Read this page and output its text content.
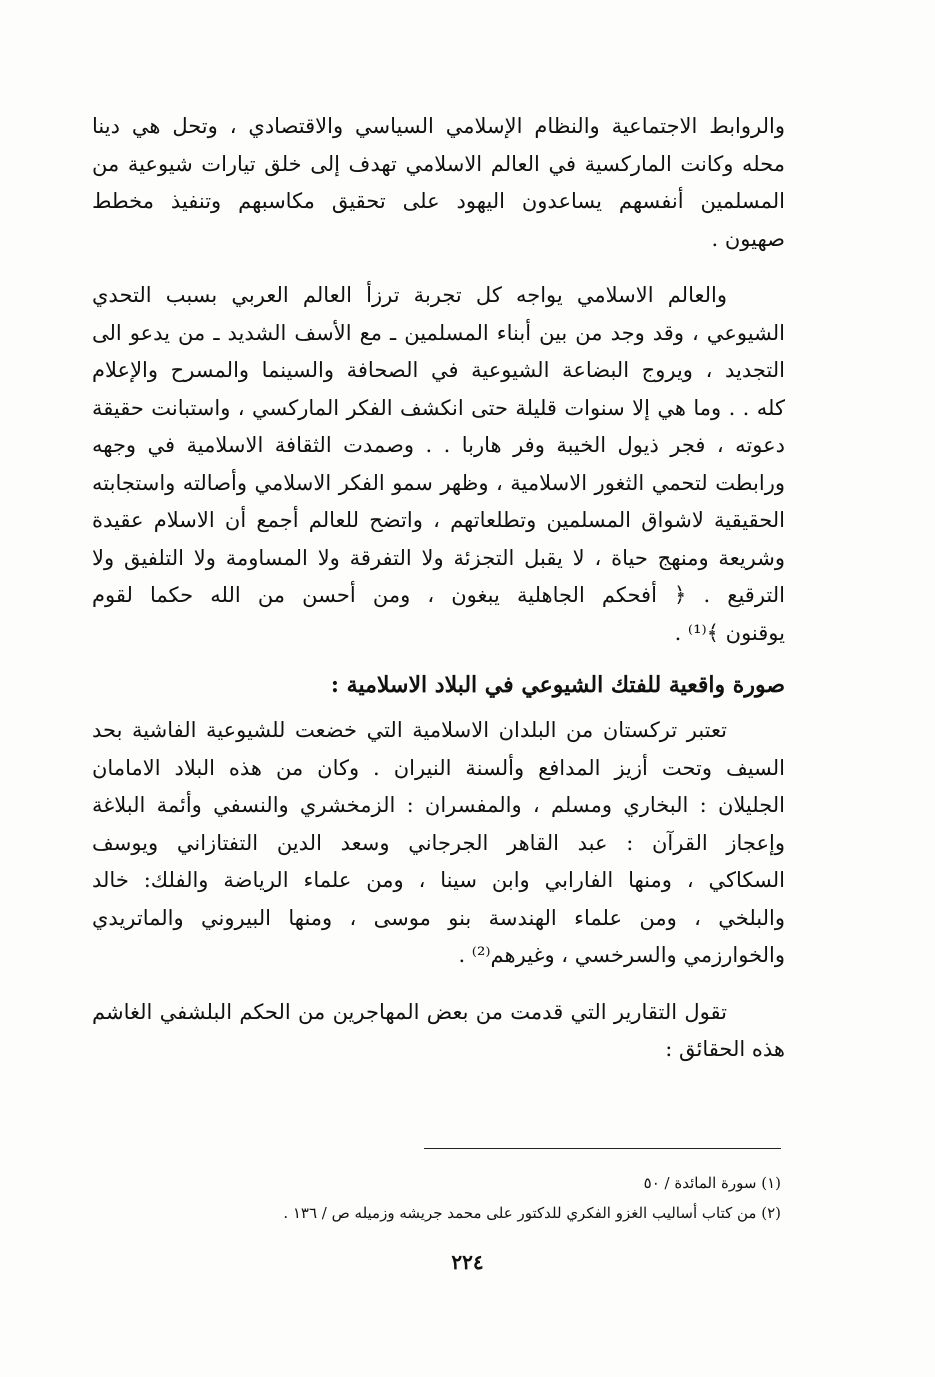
والروابط الاجتماعية والنظام الإسلامي السياسي والاقتصادي ، وتحل هي دينا
محله وكانت الماركسية في العالم الاسلامي تهدف إلى خلق تيارات شيوعية من
المسلمين أنفسهم يساعدون اليهود على تحقيق مكاسبهم وتنفيذ مخطط
صهيون .
والعالم الاسلامي يواجه كل تجربة ترزأ العالم العربي بسبب التحدي
الشيوعي ، وقد وجد من بين أبناء المسلمين ـ مع الأسف الشديد ـ من يدعو الى
التجديد ، ويروج البضاعة الشيوعية في الصحافة والسينما والمسرح والإعلام
كله . . وما هي إلا سنوات قليلة حتى انكشف الفكر الماركسي ، واستبانت حقيقة
دعوته ، فجر ذيول الخيبة وفر هاربا . . وصمدت الثقافة الاسلامية في وجهه
ورابطت لتحمي الثغور الاسلامية ، وظهر سمو الفكر الاسلامي وأصالته واستجابته
الحقيقية لاشواق المسلمين وتطلعاتهم ، واتضح للعالم أجمع أن الاسلام عقيدة
وشريعة ومنهج حياة ، لا يقبل التجزئة ولا التفرقة ولا المساومة ولا التلفيق ولا
الترقيع . ﴿ أفحكم الجاهلية يبغون ، ومن أحسن من الله حكما لقوم
يوقنون ﴾⁽¹⁾ .
صورة واقعية للفتك الشيوعي في البلاد الاسلامية :
تعتبر تركستان من البلدان الاسلامية التي خضعت للشيوعية الفاشية بحد
السيف وتحت أزيز المدافع وألسنة النيران . وكان من هذه البلاد الامامان
الجليلان : البخاري ومسلم ، والمفسران : الزمخشري والنسفي وأئمة البلاغة
وإعجاز القرآن : عبد القاهر الجرجاني وسعد الدين التفتازاني ويوسف
السكاكي ، ومنها الفارابي وابن سينا ، ومن علماء الرياضة والفلك: خالد
والبلخي ، ومن علماء الهندسة بنو موسى ، ومنها البيروني والماتريدي
والخوارزمي والسرخسي ، وغيرهم⁽²⁾ .
تقول التقارير التي قدمت من بعض المهاجرين من الحكم البلشفي الغاشم
هذه الحقائق :
(١) سورة المائدة / ٥٠
(٢) من كتاب أساليب الغزو الفكري للدكتور على محمد جريشه وزميله ص / ١٣٦ .
٢٢٤
